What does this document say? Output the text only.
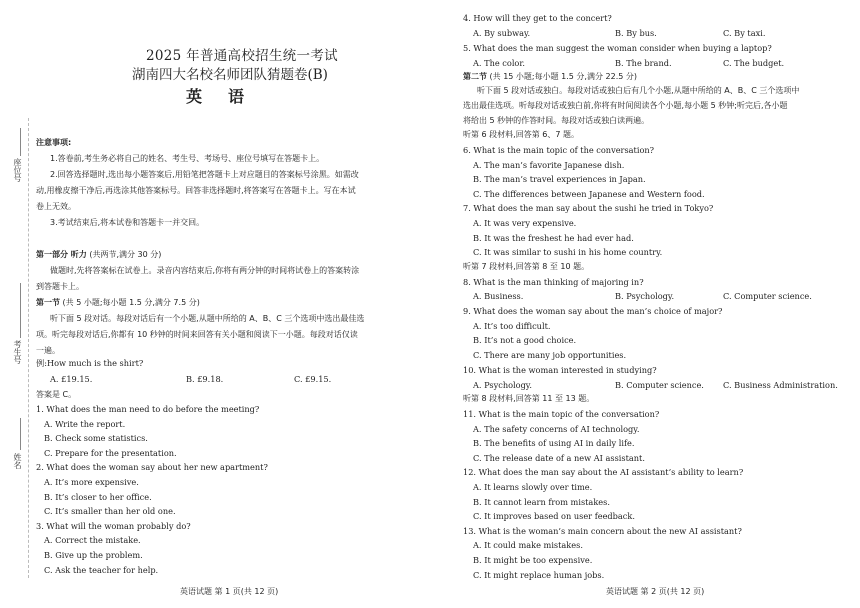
座位号
考生号
姓名
2025 年普通高校招生统一考试
湖南四大名校名师团队猜题卷(B)
英语
注意事项:
1.答卷前,考生务必将自己的姓名、考生号、考场号、座位号填写在答题卡上。
2.回答选择题时,选出每小题答案后,用铅笔把答题卡上对应题目的答案标号涂黑。如需改
动,用橡皮擦干净后,再选涂其他答案标号。回答非选择题时,将答案写在答题卡上。写在本试
卷上无效。
3.考试结束后,将本试卷和答题卡一并交回。
第一部分 听力 (共两节,满分 30 分)
做题时,先将答案标在试卷上。录音内容结束后,你将有两分钟的时间将试卷上的答案转涂
到答题卡上。
第一节 (共 5 小题;每小题 1.5 分,满分 7.5 分)
听下面 5 段对话。每段对话后有一个小题,从题中所给的 A、B、C 三个选项中选出最佳选
项。听完每段对话后,你都有 10 秒钟的时间来回答有关小题和阅读下一小题。每段对话仅读
一遍。
例:How much is the shirt?
A. £19.15.	B. £9.18.	C. £9.15.
答案是 C。
1. What does the man need to do before the meeting?
A. Write the report.
B. Check some statistics.
C. Prepare for the presentation.
2. What does the woman say about her new apartment?
A. It’s more expensive.
B. It’s closer to her office.
C. It’s smaller than her old one.
3. What will the woman probably do?
A. Correct the mistake.
B. Give up the problem.
C. Ask the teacher for help.
英语试题 第 1 页(共 12 页)
4. How will they get to the concert?
A. By subway.	B. By bus.	C. By taxi.
5. What does the man suggest the woman consider when buying a laptop?
A. The color.	B. The brand.	C. The budget.
第二节 (共 15 小题;每小题 1.5 分,满分 22.5 分)
听下面 5 段对话或独白。每段对话或独白后有几个小题,从题中所给的 A、B、C 三个选项中
选出最佳选项。听每段对话或独白前,你将有时间阅读各个小题,每小题 5 秒钟;听完后,各小题
将给出 5 秒钟的作答时间。每段对话或独白读两遍。
听第 6 段材料,回答第 6、7 题。
6. What is the main topic of the conversation?
A. The man’s favorite Japanese dish.
B. The man’s travel experiences in Japan.
C. The differences between Japanese and Western food.
7. What does the man say about the sushi he tried in Tokyo?
A. It was very expensive.
B. It was the freshest he had ever had.
C. It was similar to sushi in his home country.
听第 7 段材料,回答第 8 至 10 题。
8. What is the man thinking of majoring in?
A. Business.	B. Psychology.	C. Computer science.
9. What does the woman say about the man’s choice of major?
A. It’s too difficult.
B. It’s not a good choice.
C. There are many job opportunities.
10. What is the woman interested in studying?
A. Psychology.	B. Computer science. C. Business Administration.
听第 8 段材料,回答第 11 至 13 题。
11. What is the main topic of the conversation?
A. The safety concerns of AI technology.
B. The benefits of using AI in daily life.
C. The release date of a new AI assistant.
12. What does the man say about the AI assistant’s ability to learn?
A. It learns slowly over time.
B. It cannot learn from mistakes.
C. It improves based on user feedback.
13. What is the woman’s main concern about the new AI assistant?
A. It could make mistakes.
B. It might be too expensive.
C. It might replace human jobs.
英语试题 第 2 页(共 12 页)
